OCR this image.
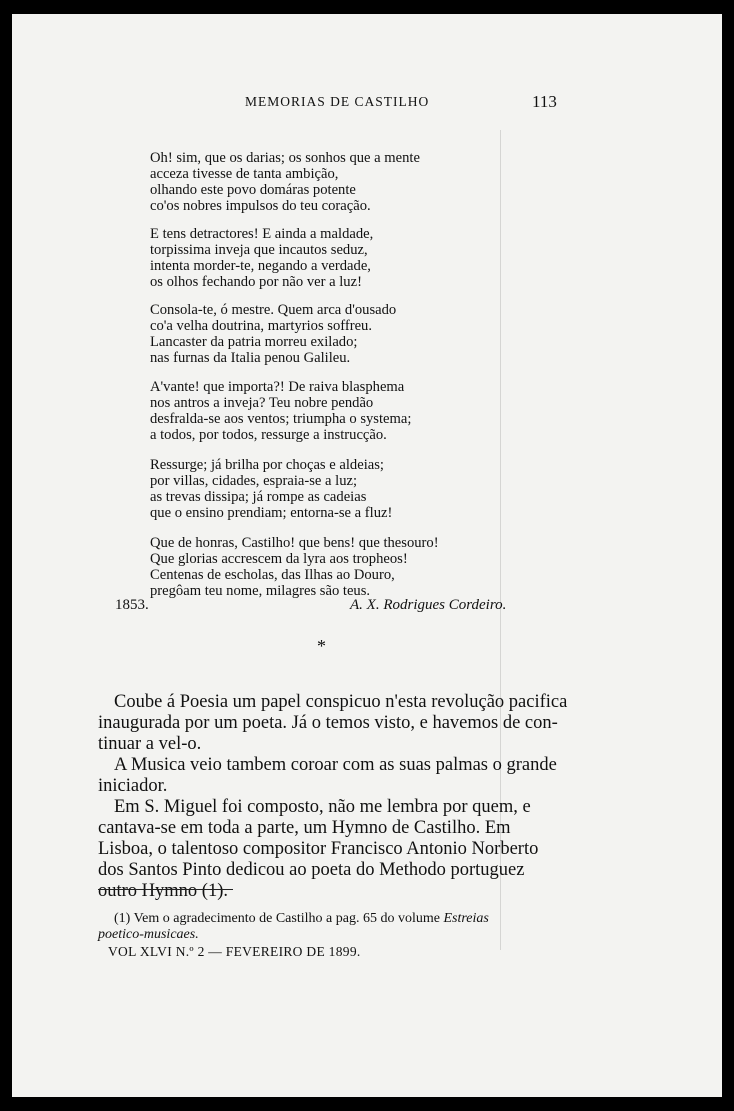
MEMORIAS DE CASTILHO	113
Oh! sim, que os darias; os sonhos que a mente
acceza tivesse de tanta ambição,
olhando este povo domáras potente
co'os nobres impulsos do teu coração.
E tens detractores! E ainda a maldade,
torpissima inveja que incautos seduz,
intenta morder-te, negando a verdade,
os olhos fechando por não ver a luz!
Consola-te, ó mestre. Quem arca d'ousado
co'a velha doutrina, martyrios soffreu.
Lancaster da patria morreu exilado;
nas furnas da Italia penou Galileu.
A'vante! que importa?! De raiva blasphema
nos antros a inveja? Teu nobre pendão
desfralda-se aos ventos; triumpha o systema;
a todos, por todos, ressurge a instrucção.
Ressurge; já brilha por choças e aldeias;
por villas, cidades, espraia-se a luz;
as trevas dissipa; já rompe as cadeias
que o ensino prendiam; entorna-se a fluz!
Que de honras, Castilho! que bens! que thesouro!
Que glorias accrescem da lyra aos tropheos!
Centenas de escholas, das Ilhas ao Douro,
pregôam teu nome, milagres são teus.
1853.	A. X. Rodrigues Cordeiro.
*
Coube á Poesia um papel conspicuo n'esta revolução pacifica
inaugurada por um poeta. Já o temos visto, e havemos de con-
tinuar a vel-o.
A Musica veio tambem coroar com as suas palmas o grande
iniciador.
Em S. Miguel foi composto, não me lembra por quem, e
cantava-se em toda a parte, um Hymno de Castilho. Em
Lisboa, o talentoso compositor Francisco Antonio Norberto
dos Santos Pinto dedicou ao poeta do Methodo portuguez
outro Hymno (1).
(1) Vem o agradecimento de Castilho a pag. 65 do volume Estreias
poetico-musicaes.
VOL XLVI N.º 2 — FEVEREIRO DE 1899.
